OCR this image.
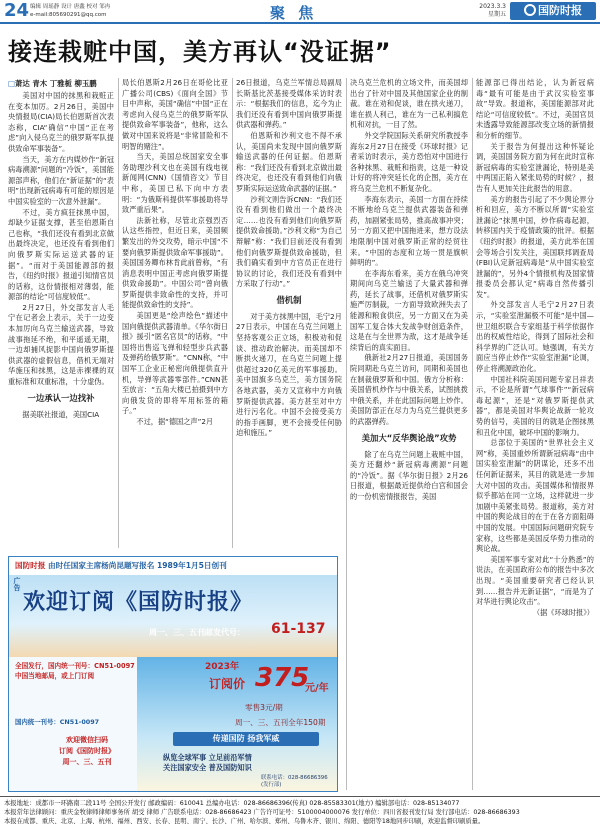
24 编辑 周瑶静 设计 唐鑫 校对 邹冉
e-mail:805690291@qq.com	聚 焦	2023.3.3
星期五	国防时报
接连栽赃中国，美方再认“没证据”
□萧达 青木 丁雅栀 柳玉鹏

美国对中国的抹黑和栽赃正在变本加厉。2月26日，美国中央情报局(CIA)局长伯恩斯首次表态称，CIA“确信”中国“正在考虑”向入侵乌克兰的俄罗斯军队提供致命军事装备”。

当天，美方在内媒炒作“新冠病毒溯源”问题的“冷饭”，美国能源部声称，他们在“新证据”的“表明”出现新冠病毒有可能的原因是中国实验室的一次意外泄漏”。

不过，美方疯狂抹黑中国，却缺少证据支撑，甚至伯恩斯自己也称，“我们还没有看到北京做出最终决定，也还没有看到他们向俄罗斯实际运送武器的证据”。“而对于美国能源部的报告，《纽约时报》报道引知情官员的话称，这份情报相对薄弱，能源部的结论“可信度较低”。

2月27日，外交部发言人毛宁在记者会上表示，关于一边变本加厉向乌克兰输送武器，导致战事拖延不绝，和平遥遥无期，一边却捕风捉影中国向俄罗斯提供武器的虚假信息，借机无端对华施压和抹黑，这是赤裸裸的双重标准和双重标准，十分虚伪。

一边承认一边找补

据美联社报道，美国CIA

局长伯恩斯2月26日在哥伦比亚广播公司(CBS)《面向全国》节目中声称，美国“确信”中国“正在考虑向入侵乌克兰的俄罗斯军队提供致命军事装备”，他称，这么做对中国来说将是“非常冒险和不明智的赌注”。

当天，美国总统国家安全事务助理沙利文也在美国有线电视新闻网(CNN)《国情咨文》节目中称，美国已私下向中方表明：“为俄斯科提供军事援助将导致严重后果”。

法新社称，尽管北京强烈否认这些指控，但近日来，美国频繁发出的外交攻势，暗示中国“不要向俄罗斯提供致命军事援助”。美国国务卿布林肯此前曾称，“有消息表明中国正考虑向俄罗斯提供致命援助”。中国公司“曾向俄罗斯提供非致命性的支持，并可能提供致命性的支持”。

美国更是“绘声绘色”描述中国向俄提供武器清单。《华尔街日报》援引“匿名官员”的话称，“中国将出售巡飞弹和轻型步兵武器及弹药给俄罗斯”。“CNN称，“中国军工企业正秘密向俄提供直升机，导弹等武器零部件。”CNN甚至放言：“五角大楼已拍摄到中方向俄发货的即将军用标签的箱子。”

不过，据“德国之声”2月

26日报道，乌克兰军情总局副局长斯基比茨基接受媒体采访时表示：“根据我们的信息，迄今为止我们还没有看到中国向俄罗斯提供武器和弹药。”

伯恩斯和沙利文也不得不承认，美国尚未发现中国向俄罗斯输送武器的任何证据。伯恩斯称：“我们还没有看到北京做出最终决定，也还没有看到他们向俄罗斯实际运送致命武器的证据。”

沙利文则告诉CNN：“我们还没有看到他们做出一个最终决定……也没有看到他们向俄罗斯提供致命援助。”沙利文称“为自己辩解”称：“我们目前还没有看到他们向俄罗斯提供致命援助，但我们确实看到中方官员正在进行协议的讨论，我们还没有看到中方采取了行动”。”

借机制

对于美方抹黑中国，毛宁2月27日表示，中国在乌克兰问题上坚持客观公正立场，积极劝和促谈、推动政治解决。而美国却不断拱火递刀，在乌克兰问题上提供超过320亿美元的军事援助。美中国旗多乌克兰，美方国务院各地武器，美方又宣称中方向俄罗斯提供武器。美方甚至对中方进行污名化。中国不会接受美方的指手画脚，更不会接受任何胁迫和施压。”

国防时报 由时任国家主席杨尚昆题写报名 1989年1月5日创刊
广告
欢迎订阅《国防时报》
周一、三、五刊邮发代号： 61-137
2023年
订阅价 375
元/年
零售3元/期
周一、三、五刊全年150期
传递国防 扬我军威
纵览全球军事 立足前沿军情
关注国家安全 普及国防知识
全国发行，国内统一刊号：CN51-0097
中国当地邮局，或上门订阅
国内统一刊号：CN51-0097
欢迎微信扫码
订阅《国防时报》
周一、三、五刊
联系电话：028-86686396
(发行部)

决乌克兰危机的立场文件，而美国却出台了针对中国及其他国家企业的制裁。谁在劝和促谈，谁在拱火递刀，谁在损人利己，谁在为一己私利搞危机和对抗，一目了然。

外交学院国际关系研究所教授李海东2月27日在接受《环球时报》记者采访时表示，美方恐怕对中国进行各种抹黑、栽赃和指责，这是一种设计好的将冲突延长化的企图，美方在将乌克兰危机不断复杂化。

李海东表示，美国一方面在持续不断地给乌克兰提供武器装备和弹药，加剧紧张局势，推高战事冲突；另一方面又把中国拖进来，想方设法地限制中国对俄罗斯正常的经贸往来。“中国的态度和立场一贯是旗帜鲜明的”。

在李海东看来，美方在俄乌冲突期间向乌克兰输送了大量武器和弹药，延长了战事，还借机对俄罗斯实施严厉制裁，一方面导致欧洲失去了能源和粮食供应，另一方面又在为美国军工复合体大发战争财创造条件，这是在与全世界为敌，这才是战争延续背后的真实面目。

俄新社2月27日报道，美国国务院同期赴乌克兰访问，同期和美国也在制裁俄罗斯和中国。俄方分析称：美国借机炒作与中俄关系，试图挑拨中俄关系，并在此国际问题上炒作。美国防部正在尽力为乌克兰提供更多的武器弹药。

美加大“反华舆论战”攻势

除了在乌克兰问题上栽赃中国，美方还翻炒“新冠病毒溯源”问题的“冷饭”。据《华尔街日报》2月26日报道，根据最近提供给白宫和国会的一份机密情报报告，美国

能源部已得出结论，认为新冠病毒“最有可能是由于武汉实验室事故”导致。报道称，美国能源部对此结论“可信度较低”。不过，美国官员未透露导致能源部改变立场的新情报和分析的细节。

关于报告为何提出这种怀疑论调，美国国务院方面为何在此时宣称新冠病毒的实验室泄漏论，特别是美中两国正陷入紧张局势的时候？，报告有人更加关注此报告的用意。

美方的报告引起了不少舆论界分析和回应，美方不断以所谓“实验室泄漏论”抹黑中国，炒作病毒起源，转移国内关于疫情政策的批评。根据《纽约时报》的报道，美方此举在国会等场合引发关注，美国联邦调查局(FBI)认定新冠病毒是“从中国实验室泄漏的”，另外4个情报机构及国家情报委员会都认定“病毒自然传播引发”。

外交部发言人毛宁2月27日表示，“实验室泄漏极不可能”是中国—世卫组织联合专家组基于科学依据作出的权威性结论，得到了国际社会和科学界的广泛认可。她强调，有关方面应当停止炒作“实验室泄漏”论调，停止将溯源政治化。

中国社科院美国问题专家吕祥表示，不论是所谓“气球事件”“新冠病毒起源”，还是“对俄罗斯提供武器”，都是美国对华舆论战新一轮攻势的信号，美国的目的就是企图抹黑和丑化中国，破坏中国的影响力。

总部位于美国的“世界社会主义网”称，美国重炒所谓新冠病毒“由中国实验室泄漏”的阴谋论，还多不出任何新证据来，其目的就是进一步加大对中国的攻击。美国媒体和情报界似乎都站在同一立场，这样就进一步加剧中美紧张局势。报道称，美方对中国的舆论战目的在于在各方面阻碍中国的发展。中国国际问题研究院专家称，这些都是美国反华势力推动的舆论战。

美国军事专家对此“十分熟悉”的说法，在美国政府公布的报告中多次出现。“美国重要研究者已经认识到……报告并无新证据”，“而是为了对华进行舆论攻击”。

（据《环球时报》）

本报地址：成都市一环路南二段11号 全国公开发行 邮政编码：610041 总编办电话：028-86686396(传真) 028-85583301(地方) 编辑部电话：028-85134077
本报常年法律顾问：重庆金牧律师律师事务所 胡受 律师 广告联系电话：028-86686423 广告许可证号：5100004000076 发行单位：四川省报刊发行局 发行部电话：028-86686393
本报在成都、重庆、北京、上海、杭州、福州、西安、长春、昆明、南宁、长沙、广州、哈尔滨、郑州、乌鲁木齐、银川、绵阳、德阳等18地同步印刷，欢迎监督印刷质量。
